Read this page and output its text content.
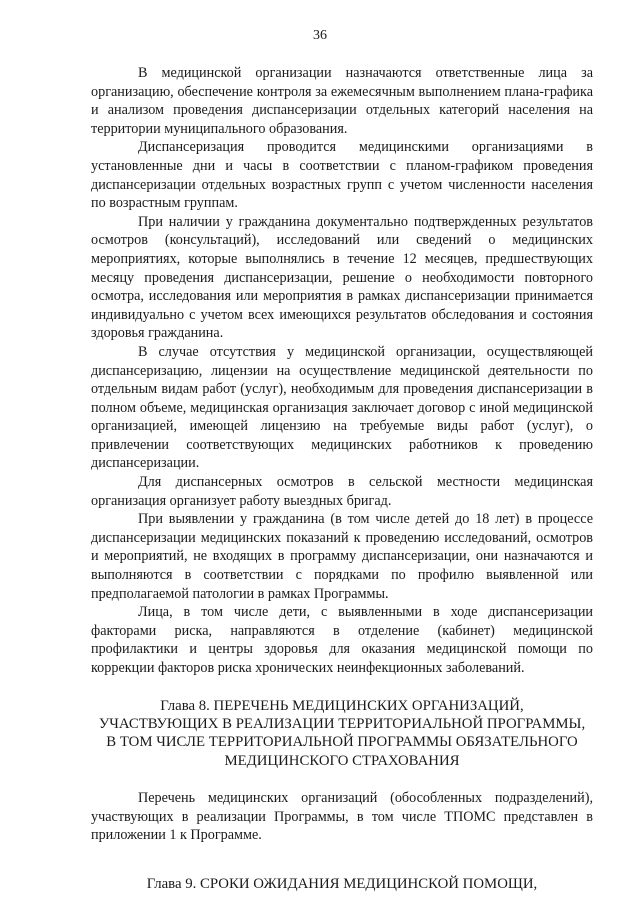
36

В медицинской организации назначаются ответственные лица за организацию, обеспечение контроля за ежемесячным выполнением плана-графика и анализом проведения диспансеризации отдельных категорий населения на территории муниципального образования.

Диспансеризация проводится медицинскими организациями в установленные дни и часы в соответствии с планом-графиком проведения диспансеризации отдельных возрастных групп с учетом численности населения по возрастным группам.

При наличии у гражданина документально подтвержденных результатов осмотров (консультаций), исследований или сведений о медицинских мероприятиях, которые выполнялись в течение 12 месяцев, предшествующих месяцу проведения диспансеризации, решение о необходимости повторного осмотра, исследования или мероприятия в рамках диспансеризации принимается индивидуально с учетом всех имеющихся результатов обследования и состояния здоровья гражданина.

В случае отсутствия у медицинской организации, осуществляющей диспансеризацию, лицензии на осуществление медицинской деятельности по отдельным видам работ (услуг), необходимым для проведения диспансеризации в полном объеме, медицинская организация заключает договор с иной медицинской организацией, имеющей лицензию на требуемые виды работ (услуг), о привлечении соответствующих медицинских работников к проведению диспансеризации.

Для диспансерных осмотров в сельской местности медицинская организация организует работу выездных бригад.

При выявлении у гражданина (в том числе детей до 18 лет) в процессе диспансеризации медицинских показаний к проведению исследований, осмотров и мероприятий, не входящих в программу диспансеризации, они назначаются и выполняются в соответствии с порядками по профилю выявленной или предполагаемой патологии в рамках Программы.

Лица, в том числе дети, с выявленными в ходе диспансеризации факторами риска, направляются в отделение (кабинет) медицинской профилактики и центры здоровья для оказания медицинской помощи по коррекции факторов риска хронических неинфекционных заболеваний.

Глава 8. ПЕРЕЧЕНЬ МЕДИЦИНСКИХ ОРГАНИЗАЦИЙ,
УЧАСТВУЮЩИХ В РЕАЛИЗАЦИИ ТЕРРИТОРИАЛЬНОЙ ПРОГРАММЫ,
В ТОМ ЧИСЛЕ ТЕРРИТОРИАЛЬНОЙ ПРОГРАММЫ ОБЯЗАТЕЛЬНОГО
МЕДИЦИНСКОГО СТРАХОВАНИЯ

Перечень медицинских организаций (обособленных подразделений), участвующих в реализации Программы, в том числе ТПОМС представлен в приложении 1 к Программе.

Глава 9. СРОКИ ОЖИДАНИЯ МЕДИЦИНСКОЙ ПОМОЩИ,
